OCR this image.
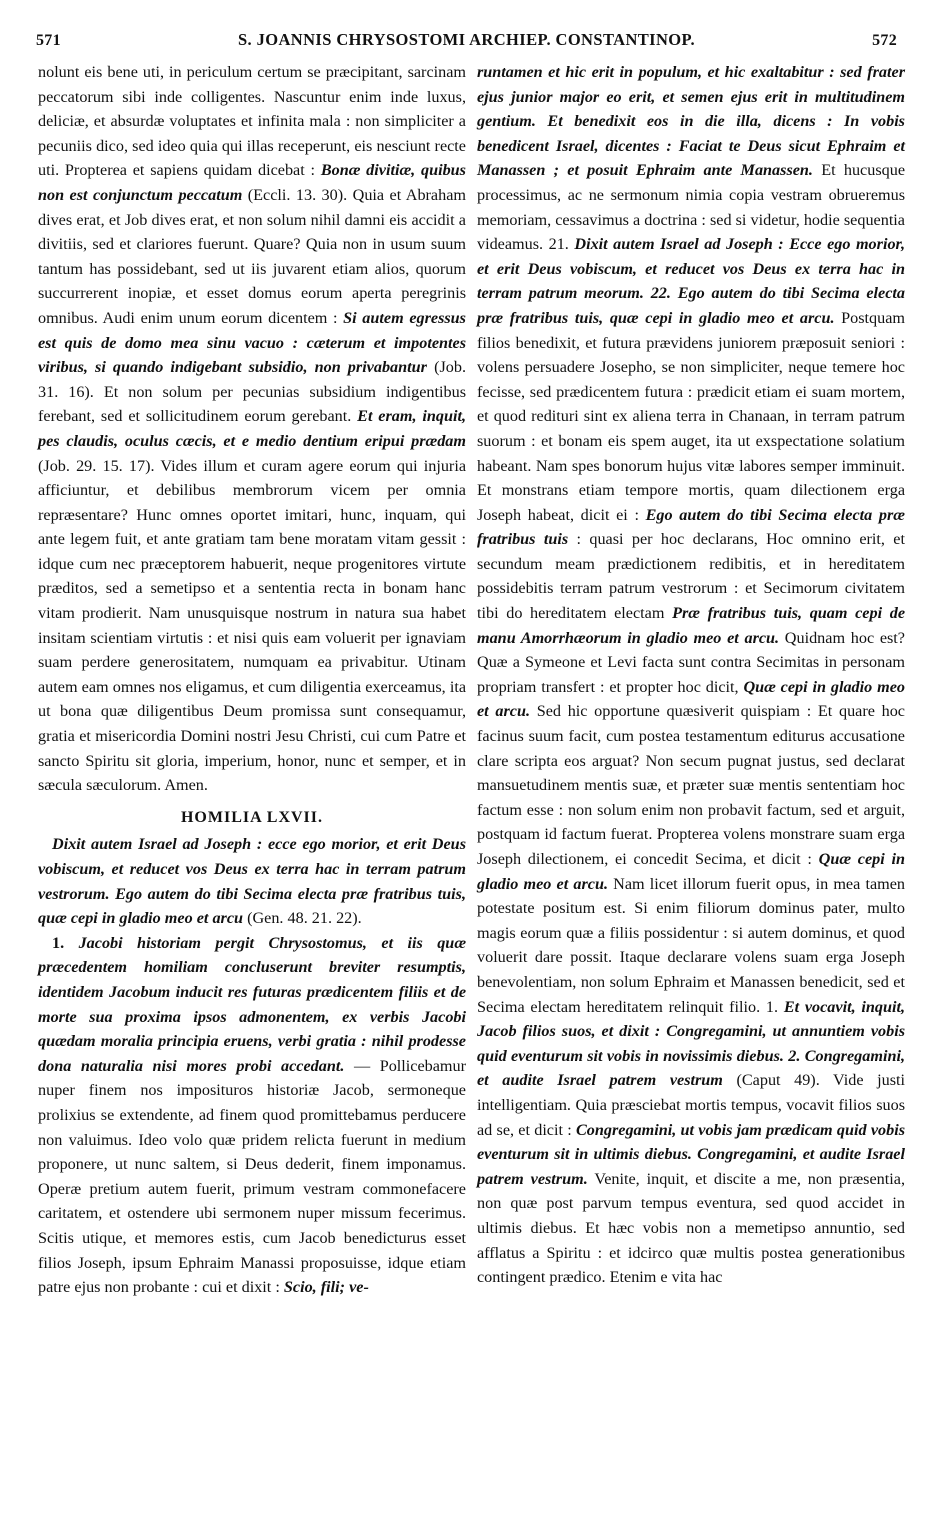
571	S. JOANNIS CHRYSOSTOMI ARCHIEP. CONSTANTINOP.	572

nolunt eis bene uti, in periculum certum se præcipitant, sarcinam peccatorum sibi inde colligentes. Nascuntur enim inde luxus, deliciæ, et absurdæ voluptates et infinita mala : non simpliciter a pecuniis dico, sed ideo quia qui illas receperunt, eis nesciunt recte uti. Propterea et sapiens quidam dicebat : Bonæ divitiæ, quibus non est conjunctum peccatum (Eccli. 13. 30). Quia et Abraham dives erat, et Job dives erat, et non solum nihil damni eis accidit a divitiis, sed et clariores fuerunt. Quare? Quia non in usum suum tantum has possidebant, sed ut iis juvarent etiam alios, quorum succurrerent inopiæ, et esset domus eorum aperta peregrinis omnibus. Audi enim unum eorum dicentem : Si autem egressus est quis de domo mea sinu vacuo : cæterum et impotentes viribus, si quando indigebant subsidio, non privabantur (Job. 31. 16). Et non solum per pecunias subsidium indigentibus ferebant, sed et sollicitudinem eorum gerebant. Et eram, inquit, pes claudis, oculus cæcis, et e medio dentium eripui prædam (Job. 29. 15. 17). Vides illum et curam agere eorum qui injuria afficiuntur, et debilibus membrorum vicem per omnia repræsentare? Hunc omnes oportet imitari, hunc, inquam, qui ante legem fuit, et ante gratiam tam bene moratam vitam gessit : idque cum nec præceptorem habuerit, neque progenitores virtute præditos, sed a semetipso et a sententia recta in bonam hanc vitam prodierit. Nam unusquisque nostrum in natura sua habet insitam scientiam virtutis : et nisi quis eam voluerit per ignaviam suam perdere generositatem, numquam ea privabitur. Utinam autem eam omnes nos eligamus, et cum diligentia exerceamus, ita ut bona quæ diligentibus Deum promissa sunt consequamur, gratia et misericordia Domini nostri Jesu Christi, cui cum Patre et sancto Spiritu sit gloria, imperium, honor, nunc et semper, et in sæcula sæculorum. Amen.

HOMILIA LXVII.

Dixit autem Israel ad Joseph : ecce ego morior, et erit Deus vobiscum, et reducet vos Deus ex terra hac in terram patrum vestrorum. Ego autem do tibi Secima electa præ fratribus tuis, quæ cepi in gladio meo et arcu (Gen. 48. 21. 22).

1. Jacobi historiam pergit Chrysostomus, et iis quæ præcedentem homiliam concluserunt breviter resumptis, identidem Jacobum inducit res futuras prædicentem filiis et de morte sua proxima ipsos admonentem, ex verbis Jacobi quædam moralia principia eruens, verbi gratia : nihil prodesse dona naturalia nisi mores probi accedant. — Pollicebamur nuper finem nos imposituros historiæ Jacob, sermoneque prolixius se extendente, ad finem quod promittebamus perducere non valuimus. Ideo volo quæ pridem relicta fuerunt in medium proponere, ut nunc saltem, si Deus dederit, finem imponamus. Operæ pretium autem fuerit, primum vestram commonefacere caritatem, et ostendere ubi sermonem nuper missum fecerimus. Scitis utique, et memores estis, cum Jacob benedicturus esset filios Joseph, ipsum Ephraim Manassi proposuisse, idque etiam patre ejus non probante : cui et dixit : Scio, fili; ve-

runtamen et hic erit in populum, et hic exaltabitur : sed frater ejus junior major eo erit, et semen ejus erit in multitudinem gentium. Et benedixit eos in die illa, dicens : In vobis benedicent Israel, dicentes : Faciat te Deus sicut Ephraim et Manassen ; et posuit Ephraim ante Manassen. Et hucusque processimus, ac ne sermonum nimia copia vestram obrueremus memoriam, cessavimus a doctrina : sed si videtur, hodie sequentia videamus. 21. Dixit autem Israel ad Joseph : Ecce ego morior, et erit Deus vobiscum, et reducet vos Deus ex terra hac in terram patrum meorum. 22. Ego autem do tibi Secima electa præ fratribus tuis, quæ cepi in gladio meo et arcu. Postquam filios benedixit, et futura prævidens juniorem præposuit seniori : volens persuadere Josepho, se non simpliciter, neque temere hoc fecisse, sed prædicentem futura : prædicit etiam ei suam mortem, et quod redituri sint ex aliena terra in Chanaan, in terram patrum suorum : et bonam eis spem auget, ita ut exspectatione solatium habeant. Nam spes bonorum hujus vitæ labores semper imminuit. Et monstrans etiam tempore mortis, quam dilectionem erga Joseph habeat, dicit ei : Ego autem do tibi Secima electa præ fratribus tuis : quasi per hoc declarans, Hoc omnino erit, et secundum meam prædictionem redibitis, et in hereditatem possidebitis terram patrum vestrorum : et Secimorum civitatem tibi do hereditatem electam Præ fratribus tuis, quam cepi de manu Amorrhæorum in gladio meo et arcu. Quidnam hoc est? Quæ a Symeone et Levi facta sunt contra Secimitas in personam propriam transfert : et propter hoc dicit, Quæ cepi in gladio meo et arcu. Sed hic opportune quæsiverit quispiam : Et quare hoc facinus suum facit, cum postea testamentum editurus accusatione clare scripta eos arguat? Non secum pugnat justus, sed declarat mansuetudinem mentis suæ, et præter suæ mentis sententiam hoc factum esse : non solum enim non probavit factum, sed et arguit, postquam id factum fuerat. Propterea volens monstrare suam erga Joseph dilectionem, ei concedit Secima, et dicit : Quæ cepi in gladio meo et arcu. Nam licet illorum fuerit opus, in mea tamen potestate positum est. Si enim filiorum dominus pater, multo magis eorum quæ a filiis possidentur : si autem dominus, et quod voluerit dare possit. Itaque declarare volens suam erga Joseph benevolentiam, non solum Ephraim et Manassen benedicit, sed et Secima electam hereditatem relinquit filio. 1. Et vocavit, inquit, Jacob filios suos, et dixit : Congregamini, ut annuntiem vobis quid eventurum sit vobis in novissimis diebus. 2. Congregamini, et audite Israel patrem vestrum (Caput 49). Vide justi intelligentiam. Quia præsciebat mortis tempus, vocavit filios suos ad se, et dicit : Congregamini, ut vobis jam prædicam quid vobis eventurum sit in ultimis diebus. Congregamini, et audite Israel patrem vestrum. Venite, inquit, et discite a me, non præsentia, non quæ post parvum tempus eventura, sed quod accidet in ultimis diebus. Et hæc vobis non a memetipso annuntio, sed afflatus a Spiritu : et idcirco quæ multis postea generationibus contingent prædico. Etenim e vita hac
